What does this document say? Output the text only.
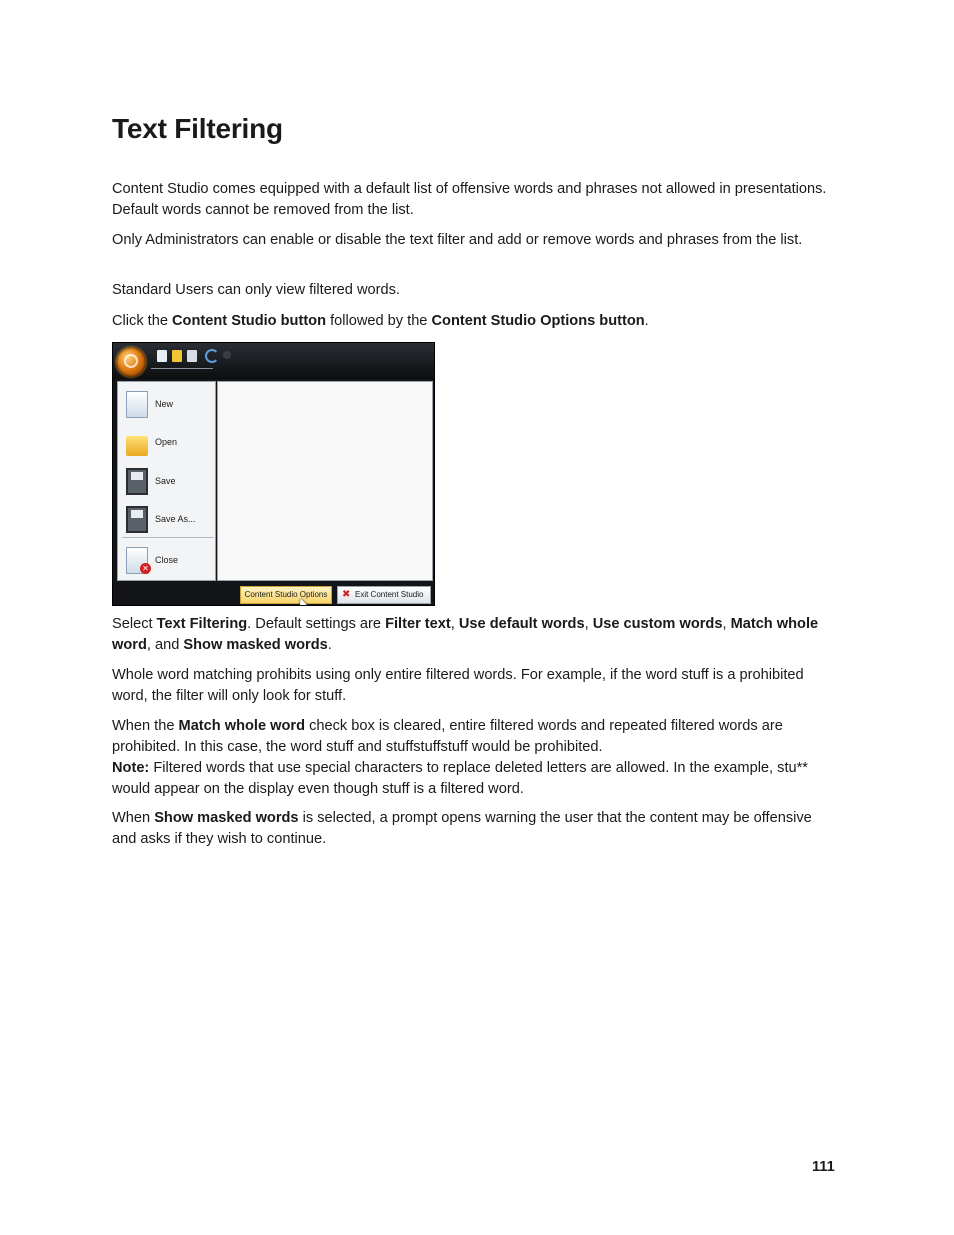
Text Filtering

Content Studio comes equipped with a default list of offensive words and phrases not allowed in presentations. Default words cannot be removed from the list.

Only Administrators can enable or disable the text filter and add or remove words and phrases from the list.

Standard Users can only view filtered words.

Click the Content Studio button followed by the Content Studio Options button.

New
Open
Save
Save As...
✕
Close
Content Studio Options	✖ Exit Content Studio

Select Text Filtering. Default settings are Filter text, Use default words, Use custom words, Match whole word, and Show masked words.

Whole word matching prohibits using only entire filtered words. For example, if the word stuff is a prohibited word, the filter will only look for stuff.

When the Match whole word check box is cleared, entire filtered words and repeated filtered words are prohibited. In this case, the word stuff and stuffstuffstuff would be prohibited.

Note: Filtered words that use special characters to replace deleted letters are allowed. In the example, stu** would appear on the display even though stuff is a filtered word.

When Show masked words is selected, a prompt opens warning the user that the content may be offensive and asks if they wish to continue.

111
